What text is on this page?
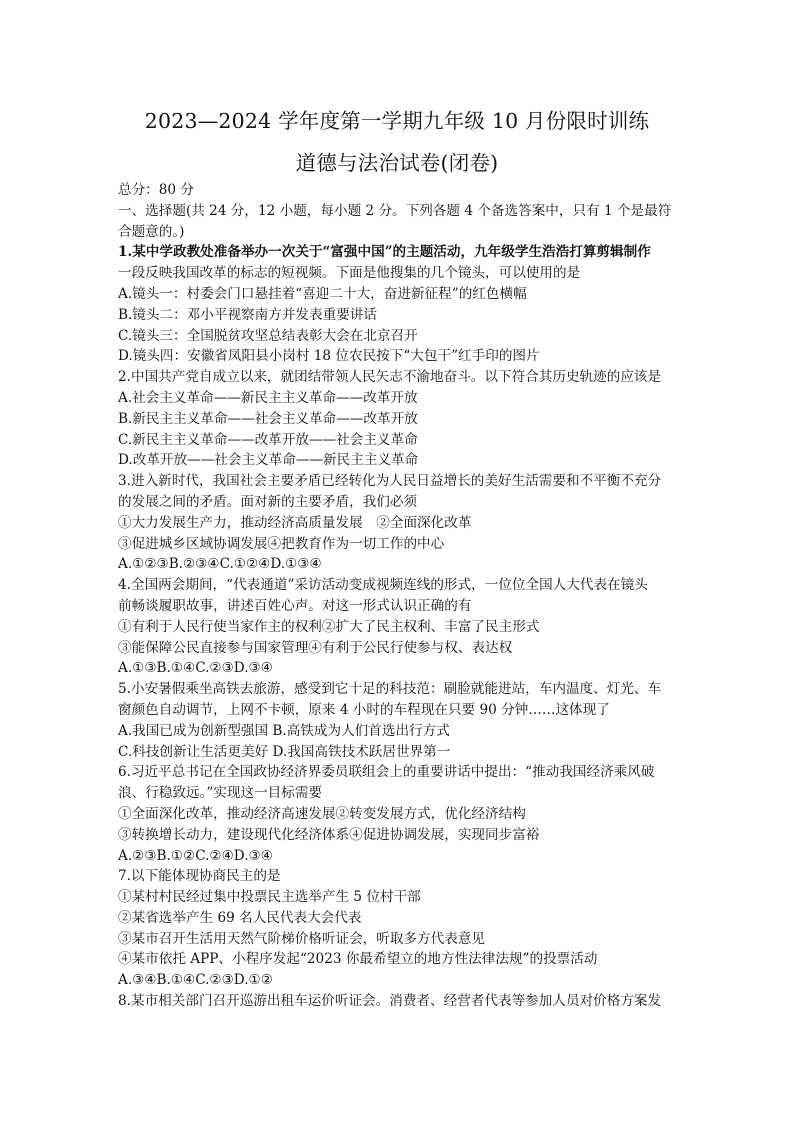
2023—2024 学年度第一学期九年级 10 月份限时训练
道德与法治试卷(闭卷)
总分：80 分
一、选择题(共 24 分，12 小题，每小题 2 分。下列各题 4 个备选答案中，只有 1 个是最符
合题意的。)
1.某中学政教处准备举办一次关于“富强中国”的主题活动，九年级学生浩浩打算剪辑制作
一段反映我国改革的标志的短视频。下面是他搜集的几个镜头，可以使用的是
A.镜头一：村委会门口悬挂着“喜迎二十大，奋进新征程”的红色横幅
B.镜头二：邓小平视察南方并发表重要讲话
C.镜头三：全国脱贫攻坚总结表彰大会在北京召开
D.镜头四：安徽省凤阳县小岗村 18 位农民按下“大包干”红手印的图片
2.中国共产党自成立以来，就团结带领人民矢志不渝地奋斗。以下符合其历史轨迹的应该是
A.社会主义革命——新民主主义革命——改革开放
B.新民主主义革命——社会主义革命——改革开放
C.新民主主义革命——改革开放——社会主义革命
D.改革开放——社会主义革命——新民主主义革命
3.进入新时代，我国社会主要矛盾已经转化为人民日益增长的美好生活需要和不平衡不充分
的发展之间的矛盾。面对新的主要矛盾，我们必须
①大力发展生产力，推动经济高质量发展　②全面深化改革
③促进城乡区域协调发展④把教育作为一切工作的中心
A.①②③B.②③④C.①②④D.①③④
4.全国两会期间，“代表通道”采访活动变成视频连线的形式，一位位全国人大代表在镜头
前畅谈履职故事，讲述百姓心声。对这一形式认识正确的有
①有利于人民行使当家作主的权利②扩大了民主权利、丰富了民主形式
③能保障公民直接参与国家管理④有利于公民行使参与权、表达权
A.①③B.①④C.②③D.③④
5.小安暑假乘坐高铁去旅游，感受到它十足的科技范：刷脸就能进站，车内温度、灯光、车
窗颜色自动调节，上网不卡顿，原来 4 小时的车程现在只要 90 分钟……这体现了
A.我国已成为创新型强国 B.高铁成为人们首选出行方式
C.科技创新让生活更美好 D.我国高铁技术跃居世界第一
6.习近平总书记在全国政协经济界委员联组会上的重要讲话中提出：“推动我国经济乘风破
浪、行稳致远。”实现这一目标需要
①全面深化改革，推动经济高速发展②转变发展方式，优化经济结构
③转换增长动力，建设现代化经济体系④促进协调发展，实现同步富裕
A.②③B.①②C.②④D.③④
7.以下能体现协商民主的是
①某村村民经过集中投票民主选举产生 5 位村干部
②某省选举产生 69 名人民代表大会代表
③某市召开生活用天然气阶梯价格听证会，听取多方代表意见
④某市依托 APP、小程序发起“2023 你最希望立的地方性法律法规”的投票活动
A.③④B.①④C.②③D.①②
8.某市相关部门召开巡游出租车运价听证会。消费者、经营者代表等参加人员对价格方案发
